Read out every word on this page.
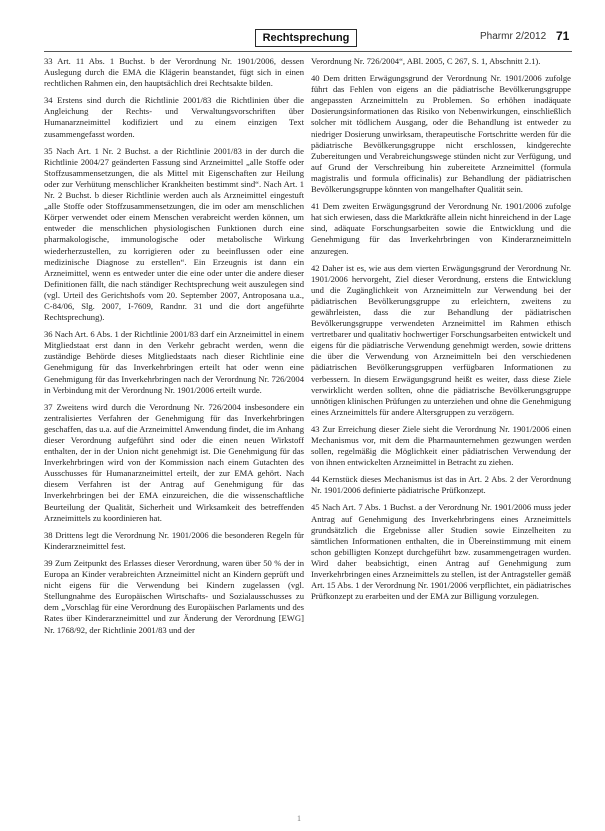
Rechtsprechung	Pharmr 2/2012 71

33 Art. 11 Abs. 1 Buchst. b der Verordnung Nr. 1901/2006, dessen Auslegung durch die EMA die Klägerin beanstandet, fügt sich in einen rechtlichen Rahmen ein, den hauptsächlich drei Rechtsakte bilden.

34 Erstens sind durch die Richtlinie 2001/83 die Richtlinien über die Angleichung der Rechts- und Verwaltungsvorschriften über Humanarzneimittel kodifiziert und zu einem einzigen Text zusammengefasst worden.

35 Nach Art. 1 Nr. 2 Buchst. a der Richtlinie 2001/83 in der durch die Richtlinie 2004/27 geänderten Fassung sind Arzneimittel „alle Stoffe oder Stoffzusammensetzungen, die als Mittel mit Eigenschaften zur Heilung oder zur Verhütung menschlicher Krankheiten bestimmt sind“. Nach Art. 1 Nr. 2 Buchst. b dieser Richtlinie werden auch als Arzneimittel eingestuft „alle Stoffe oder Stoffzusammensetzungen, die im oder am menschlichen Körper verwendet oder einem Menschen verabreicht werden können, um entweder die menschlichen physiologischen Funktionen durch eine pharmakologische, immunologische oder metabolische Wirkung wiederherzustellen, zu korrigieren oder zu beeinflussen oder eine medizinische Diagnose zu erstellen“. Ein Erzeugnis ist dann ein Arzneimittel, wenn es entweder unter die eine oder unter die andere dieser Definitionen fällt, die nach ständiger Rechtsprechung weit auszulegen sind (vgl. Urteil des Gerichtshofs vom 20. September 2007, Antroposana u.a., C-84/06, Slg. 2007, I-7609, Randnr. 31 und die dort angeführte Rechtsprechung).

36 Nach Art. 6 Abs. 1 der Richtlinie 2001/83 darf ein Arzneimittel in einem Mitgliedstaat erst dann in den Verkehr gebracht werden, wenn die zuständige Behörde dieses Mitgliedstaats nach dieser Richtlinie eine Genehmigung für das Inverkehrbringen erteilt hat oder wenn eine Genehmigung für das Inverkehrbringen nach der Verordnung Nr. 726/2004 in Verbindung mit der Verordnung Nr. 1901/2006 erteilt wurde.

37 Zweitens wird durch die Verordnung Nr. 726/2004 insbesondere ein zentralisiertes Verfahren der Genehmigung für das Inverkehrbringen geschaffen, das u.a. auf die Arzneimittel Anwendung findet, die im Anhang dieser Verordnung aufgeführt sind oder die einen neuen Wirkstoff enthalten, der in der Union nicht genehmigt ist. Die Genehmigung für das Inverkehrbringen wird von der Kommission nach einem Gutachten des Ausschusses für Humanarzneimittel erteilt, der zur EMA gehört. Nach diesem Verfahren ist der Antrag auf Genehmigung für das Inverkehrbringen bei der EMA einzureichen, die die wissenschaftliche Beurteilung der Qualität, Sicherheit und Wirksamkeit des betreffenden Arzneimittels zu koordinieren hat.

38 Drittens legt die Verordnung Nr. 1901/2006 die besonderen Regeln für Kinderarzneimittel fest.

39 Zum Zeitpunkt des Erlasses dieser Verordnung, waren über 50 % der in Europa an Kinder verabreichten Arzneimittel nicht an Kindern geprüft und nicht eigens für die Verwendung bei Kindern zugelassen (vgl. Stellungnahme des Europäischen Wirtschafts- und Sozialausschusses zu dem „Vorschlag für eine Verordnung des Europäischen Parlaments und des Rates über Kinderarzneimittel und zur Änderung der Verordnung [EWG] Nr. 1768/92, der Richtlinie 2001/83 und der

Verordnung Nr. 726/2004“, ABl. 2005, C 267, S. 1, Abschnitt 2.1).

40 Dem dritten Erwägungsgrund der Verordnung Nr. 1901/2006 zufolge führt das Fehlen von eigens an die pädiatrische Bevölkerungsgruppe angepassten Arzneimitteln zu Problemen. So erhöhen inadäquate Dosierungsinformationen das Risiko von Nebenwirkungen, einschließlich solcher mit tödlichem Ausgang, oder die Behandlung ist entweder zu niedriger Dosierung unwirksam, therapeutische Fortschritte werden für die pädiatrische Bevölkerungsgruppe nicht erschlossen, kindgerechte Zubereitungen und Verabreichungswege stünden nicht zur Verfügung, und auf Grund der Verschreibung hin zubereitete Arzneimittel (formula magistralis und formula officinalis) zur Behandlung der pädiatrischen Bevölkerungsgruppe könnten von mangelhafter Qualität sein.

41 Dem zweiten Erwägungsgrund der Verordnung Nr. 1901/2006 zufolge hat sich erwiesen, dass die Marktkräfte allein nicht hinreichend in der Lage sind, adäquate Forschungsarbeiten sowie die Entwicklung und die Genehmigung für das Inverkehrbringen von Kinderarzneimitteln anzuregen.

42 Daher ist es, wie aus dem vierten Erwägungsgrund der Verordnung Nr. 1901/2006 hervorgeht, Ziel dieser Verordnung, erstens die Entwicklung und die Zugänglichkeit von Arzneimitteln zur Verwendung bei der pädiatrischen Bevölkerungsgruppe zu erleichtern, zweitens zu gewährleisten, dass die zur Behandlung der pädiatrischen Bevölkerungsgruppe verwendeten Arzneimittel im Rahmen ethisch vertretbarer und qualitativ hochwertiger Forschungsarbeiten entwickelt und eigens für die pädiatrische Verwendung genehmigt werden, sowie drittens die über die Verwendung von Arzneimitteln bei den verschiedenen pädiatrischen Bevölkerungsgruppen verfügbaren Informationen zu verbessern. In diesem Erwägungsgrund heißt es weiter, dass diese Ziele verwirklicht werden sollten, ohne die pädiatrische Bevölkerungsgruppe unnötigen klinischen Prüfungen zu unterziehen und ohne die Genehmigung eines Arzneimittels für andere Altersgruppen zu verzögern.

43 Zur Erreichung dieser Ziele sieht die Verordnung Nr. 1901/2006 einen Mechanismus vor, mit dem die Pharmaunternehmen gezwungen werden sollen, regelmäßig die Möglichkeit einer pädiatrischen Verwendung der von ihnen entwickelten Arzneimittel in Betracht zu ziehen.

44 Kernstück dieses Mechanismus ist das in Art. 2 Abs. 2 der Verordnung Nr. 1901/2006 definierte pädiatrische Prüfkonzept.

45 Nach Art. 7 Abs. 1 Buchst. a der Verordnung Nr. 1901/2006 muss jeder Antrag auf Genehmigung des Inverkehrbringens eines Arzneimittels grundsätzlich die Ergebnisse aller Studien sowie Einzelheiten zu sämtlichen Informationen enthalten, die in Übereinstimmung mit einem schon gebilligten Konzept durchgeführt bzw. zusammengetragen wurden. Wird daher beabsichtigt, einen Antrag auf Genehmigung zum Inverkehrbringen eines Arzneimittels zu stellen, ist der Antragsteller gemäß Art. 15 Abs. 1 der Verordnung Nr. 1901/2006 verpflichtet, ein pädiatrisches Prüfkonzept zu erarbeiten und der EMA zur Billigung vorzulegen.

1
